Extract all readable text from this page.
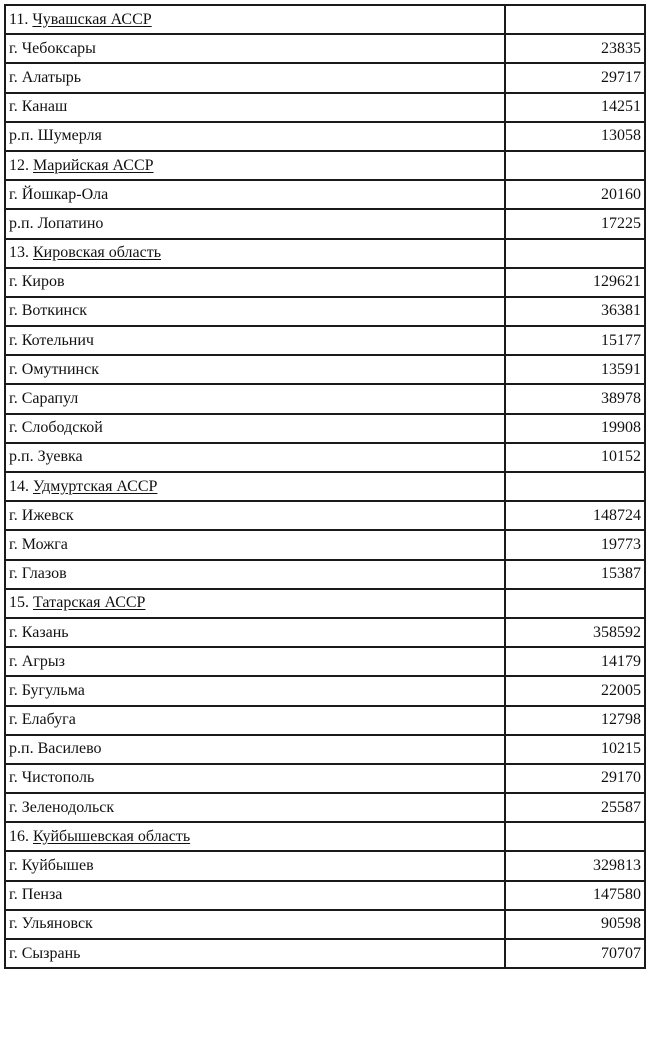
11. Чувашская АССР	
г. Чебоксары	23835
г. Алатырь	29717
г. Канаш	14251
р.п. Шумерля	13058
12. Марийская АССР	
г. Йошкар-Ола	20160
р.п. Лопатино	17225
13. Кировская область	
г. Киров	129621
г. Воткинск	36381
г. Котельнич	15177
г. Омутнинск	13591
г. Сарапул	38978
г. Слободской	19908
р.п. Зуевка	10152
14. Удмуртская АССР	
г. Ижевск	148724
г. Можга	19773
г. Глазов	15387
15. Татарская АССР	
г. Казань	358592
г. Агрыз	14179
г. Бугульма	22005
г. Елабуга	12798
р.п. Василево	10215
г. Чистополь	29170
г. Зеленодольск	25587
16. Куйбышевская область	
г. Куйбышев	329813
г. Пенза	147580
г. Ульяновск	90598
г. Сызрань	70707
